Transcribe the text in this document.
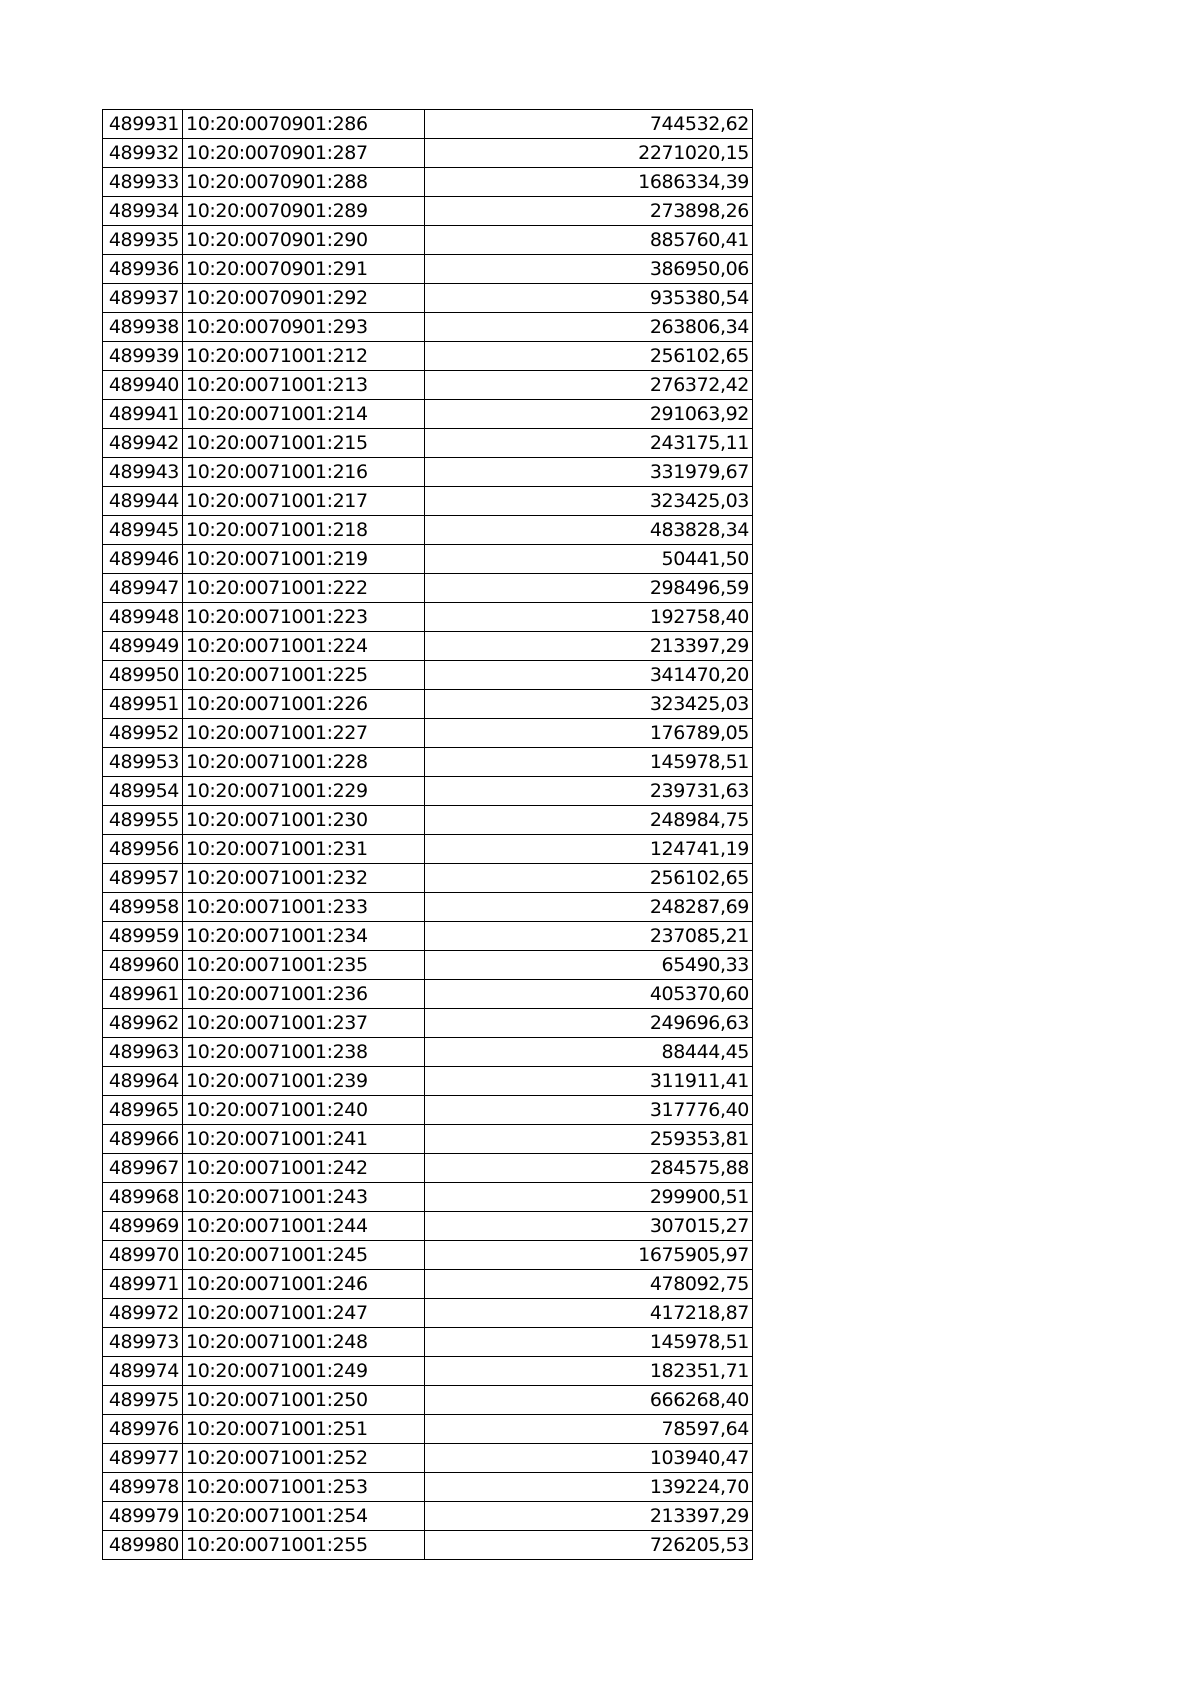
489931	10:20:0070901:286	744532,62
489932	10:20:0070901:287	2271020,15
489933	10:20:0070901:288	1686334,39
489934	10:20:0070901:289	273898,26
489935	10:20:0070901:290	885760,41
489936	10:20:0070901:291	386950,06
489937	10:20:0070901:292	935380,54
489938	10:20:0070901:293	263806,34
489939	10:20:0071001:212	256102,65
489940	10:20:0071001:213	276372,42
489941	10:20:0071001:214	291063,92
489942	10:20:0071001:215	243175,11
489943	10:20:0071001:216	331979,67
489944	10:20:0071001:217	323425,03
489945	10:20:0071001:218	483828,34
489946	10:20:0071001:219	50441,50
489947	10:20:0071001:222	298496,59
489948	10:20:0071001:223	192758,40
489949	10:20:0071001:224	213397,29
489950	10:20:0071001:225	341470,20
489951	10:20:0071001:226	323425,03
489952	10:20:0071001:227	176789,05
489953	10:20:0071001:228	145978,51
489954	10:20:0071001:229	239731,63
489955	10:20:0071001:230	248984,75
489956	10:20:0071001:231	124741,19
489957	10:20:0071001:232	256102,65
489958	10:20:0071001:233	248287,69
489959	10:20:0071001:234	237085,21
489960	10:20:0071001:235	65490,33
489961	10:20:0071001:236	405370,60
489962	10:20:0071001:237	249696,63
489963	10:20:0071001:238	88444,45
489964	10:20:0071001:239	311911,41
489965	10:20:0071001:240	317776,40
489966	10:20:0071001:241	259353,81
489967	10:20:0071001:242	284575,88
489968	10:20:0071001:243	299900,51
489969	10:20:0071001:244	307015,27
489970	10:20:0071001:245	1675905,97
489971	10:20:0071001:246	478092,75
489972	10:20:0071001:247	417218,87
489973	10:20:0071001:248	145978,51
489974	10:20:0071001:249	182351,71
489975	10:20:0071001:250	666268,40
489976	10:20:0071001:251	78597,64
489977	10:20:0071001:252	103940,47
489978	10:20:0071001:253	139224,70
489979	10:20:0071001:254	213397,29
489980	10:20:0071001:255	726205,53
